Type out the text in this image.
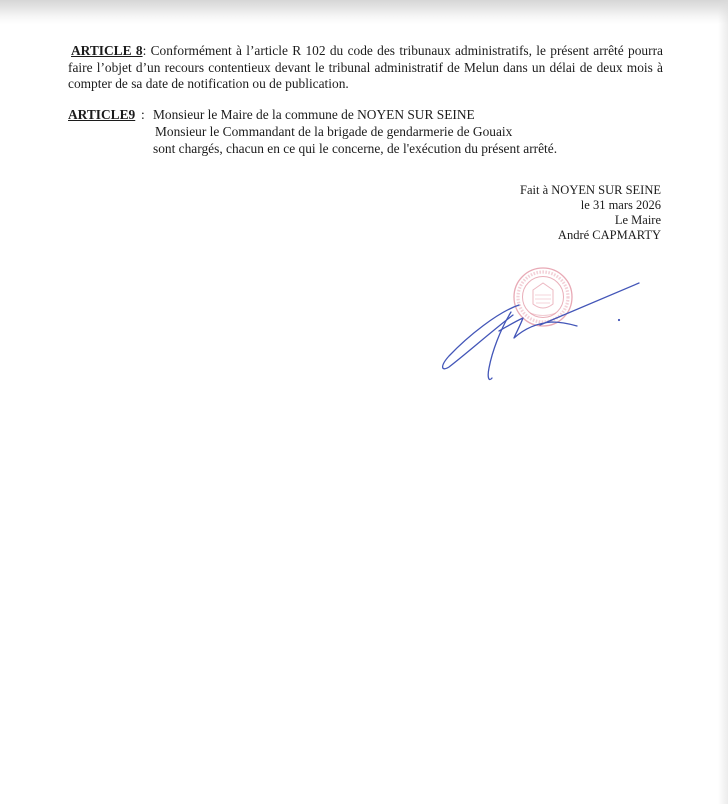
ARTICLE 8: Conformément à l’article R 102 du code des tribunaux administratifs, le présent arrêté pourra
faire l’objet d’un recours contentieux devant le tribunal administratif de Melun dans un délai de deux mois à
compter de sa date de notification ou de publication.
ARTICLE9 : Monsieur le Maire de la commune de NOYEN SUR SEINE
Monsieur le Commandant de la brigade de gendarmerie de Gouaix
sont chargés, chacun en ce qui le concerne, de l'exécution du présent arrêté.
Fait à NOYEN SUR SEINE
le 31 mars 2026
Le Maire
André CAPMARTY
